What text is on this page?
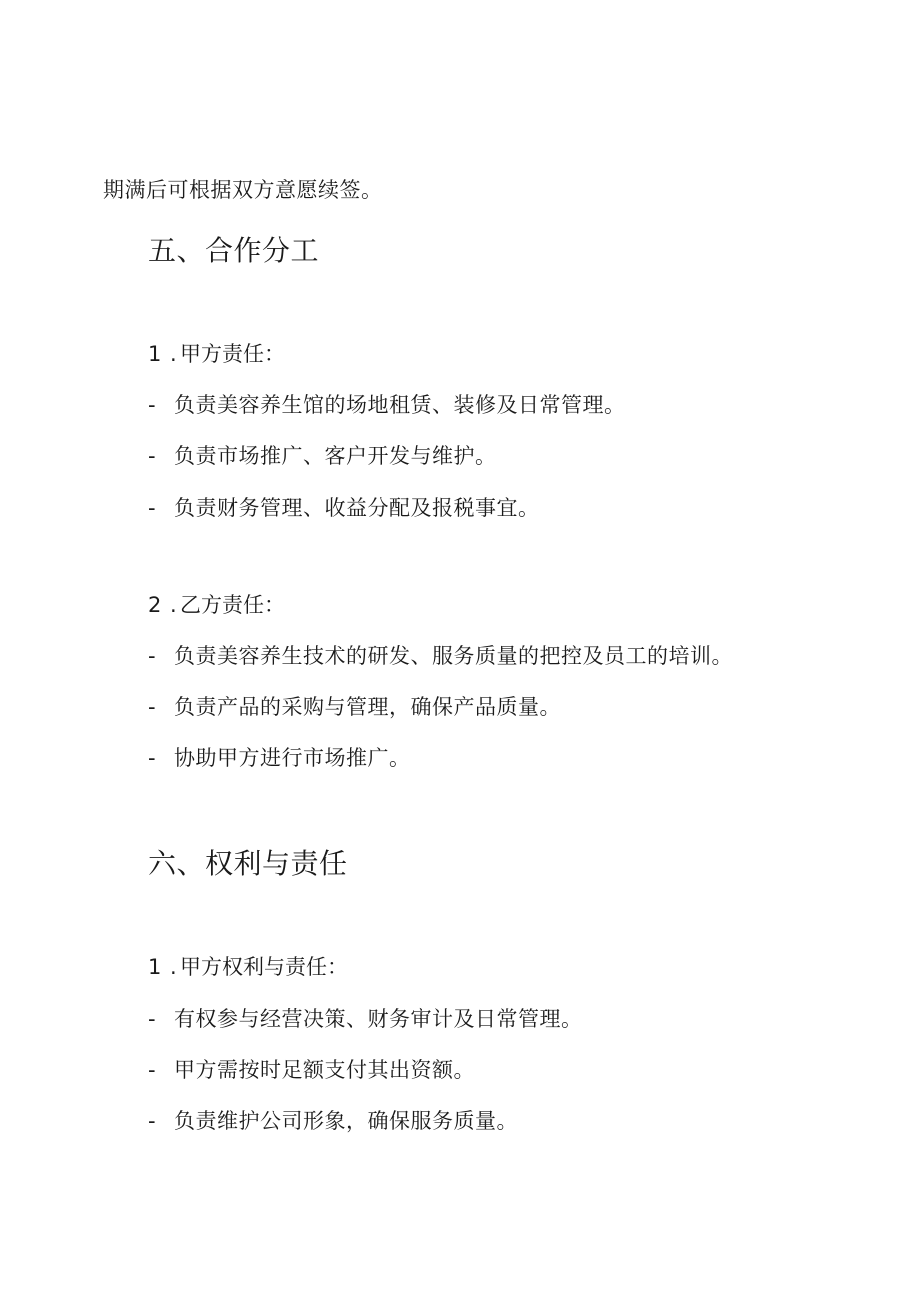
期满后可根据双方意愿续签。
五、合作分工
1 . 甲方责任：
- 负责美容养生馆的场地租赁、装修及日常管理。
- 负责市场推广、客户开发与维护。
- 负责财务管理、收益分配及报税事宜。
2 . 乙方责任：
- 负责美容养生技术的研发、服务质量的把控及员工的培训。
- 负责产品的采购与管理，确保产品质量。
- 协助甲方进行市场推广。
六、权利与责任
1 . 甲方权利与责任：
- 有权参与经营决策、财务审计及日常管理。
- 甲方需按时足额支付其出资额。
- 负责维护公司形象，确保服务质量。
